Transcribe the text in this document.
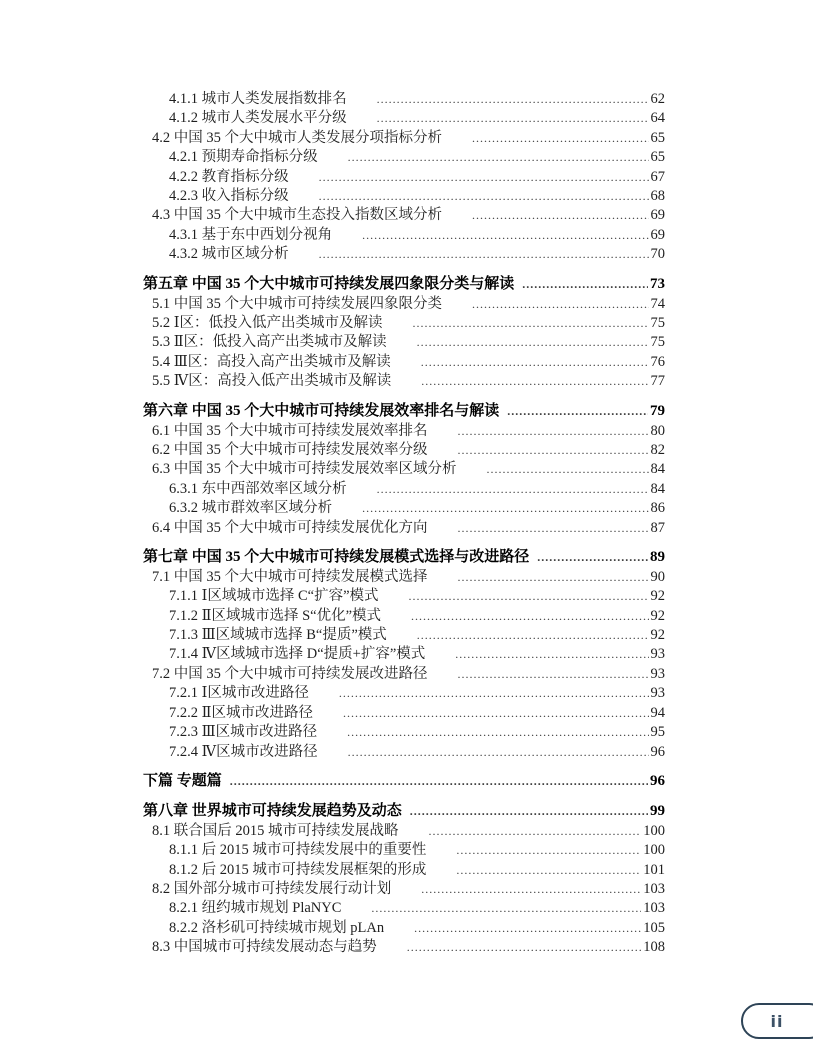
4.1.1 城市人类发展指数排名 .....	62
4.1.2 城市人类发展水平分级 .....	64
4.2 中国 35 个大中城市人类发展分项指标分析 .....	65
4.2.1 预期寿命指标分级 .....	65
4.2.2 教育指标分级 .....	67
4.2.3 收入指标分级 .....	68
4.3 中国 35 个大中城市生态投入指数区域分析 .....	69
4.3.1 基于东中西划分视角 .....	69
4.3.2 城市区域分析 .....	70
第五章 中国 35 个大中城市可持续发展四象限分类与解读 .....	73
5.1 中国 35 个大中城市可持续发展四象限分类 .....	74
5.2 Ⅰ区：低投入低产出类城市及解读 .....	75
5.3 Ⅱ区：低投入高产出类城市及解读 .....	75
5.4 Ⅲ区：高投入高产出类城市及解读 .....	76
5.5 Ⅳ区：高投入低产出类城市及解读 .....	77
第六章 中国 35 个大中城市可持续发展效率排名与解读 .....	79
6.1 中国 35 个大中城市可持续发展效率排名 .....	80
6.2 中国 35 个大中城市可持续发展效率分级 .....	82
6.3 中国 35 个大中城市可持续发展效率区域分析 .....	84
6.3.1 东中西部效率区域分析 .....	84
6.3.2 城市群效率区域分析 .....	86
6.4 中国 35 个大中城市可持续发展优化方向 .....	87
第七章 中国 35 个大中城市可持续发展模式选择与改进路径 .....	89
7.1 中国 35 个大中城市可持续发展模式选择 .....	90
7.1.1 Ⅰ区域城市选择 C“扩容”模式 .....	92
7.1.2 Ⅱ区域城市选择 S“优化”模式 .....	92
7.1.3 Ⅲ区域城市选择 B“提质”模式 .....	92
7.1.4 Ⅳ区域城市选择 D“提质+扩容”模式 .....	93
7.2 中国 35 个大中城市可持续发展改进路径 .....	93
7.2.1 Ⅰ区城市改进路径 .....	93
7.2.2 Ⅱ区城市改进路径 .....	94
7.2.3 Ⅲ区城市改进路径 .....	95
7.2.4 Ⅳ区城市改进路径 .....	96
下篇 专题篇 .....	96
第八章 世界城市可持续发展趋势及动态 .....	99
8.1 联合国后 2015 城市可持续发展战略 .....	100
8.1.1 后 2015 城市可持续发展中的重要性 .....	100
8.1.2 后 2015 城市可持续发展框架的形成 .....	101
8.2 国外部分城市可持续发展行动计划 .....	103
8.2.1 纽约城市规划 PlaNYC .....	103
8.2.2 洛杉矶可持续城市规划 pLAn .....	105
8.3 中国城市可持续发展动态与趋势 .....	108
ii
